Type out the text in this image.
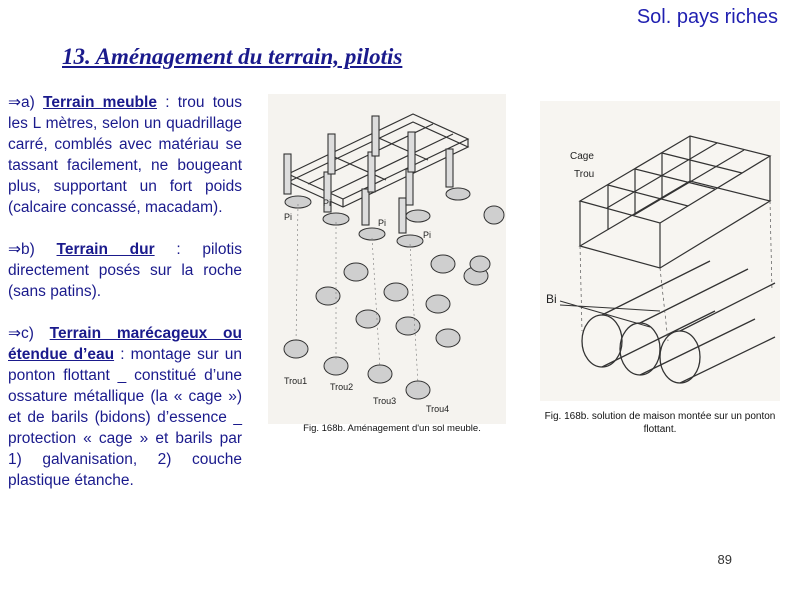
Sol. pays riches
13. Aménagement du terrain, pilotis
⇒a) Terrain meuble : trou tous les L mètres, selon un quadrillage carré, comblés avec matériau se tassant facilement, ne bougeant plus, supportant un fort poids (calcaire concassé, macadam).
⇒b) Terrain dur : pilotis directement posés sur la roche (sans patins).
⇒c) Terrain marécageux ou étendue d’eau : montage sur un ponton flottant _ constitué d’une ossature métallique (la « cage ») et de barils (bidons) d’essence _ protection « cage » et barils par 1) galvanisation, 2) couche plastique étanche.
Pi
Pi
Pi
Pi
Trou1
Trou2
Trou3
Trou4
Fig. 168b. Aménagement d'un sol meuble.
Cage
Trou
Bi
Fig. 168b. solution de maison montée sur un ponton flottant.
89
